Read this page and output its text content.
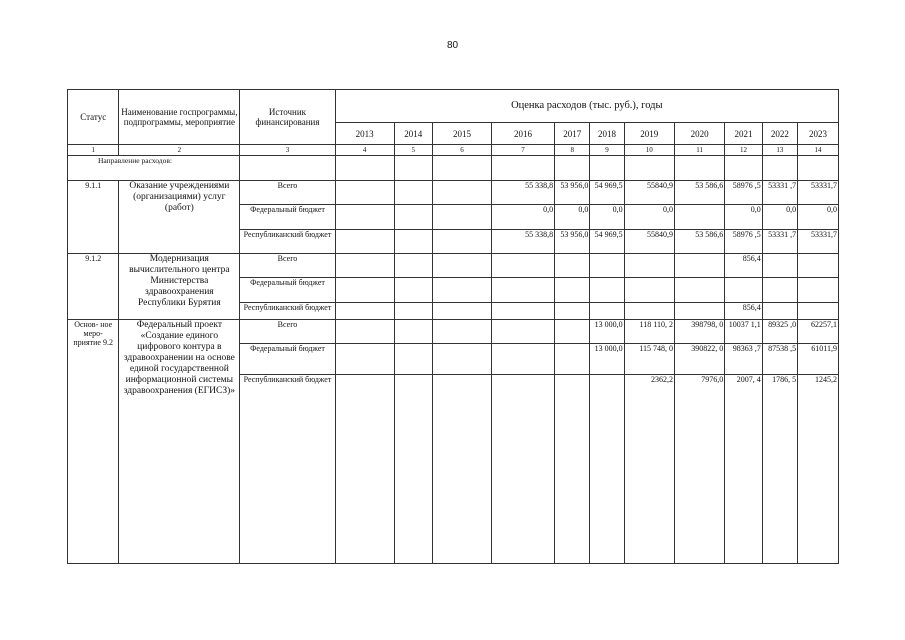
80
Статус	Наименование госпрограммы, подпрограммы, мероприятие	Источник финансирования	Оценка расходов (тыс. руб.), годы										
			2013	2014	2015	2016	2017	2018	2019	2020	2021	2022	2023
1	2	3	4	5	6	7	8	9	10	11	12	13	14
Направление расходов:													
9.1.1	Оказание учреждениями (организациями) услуг (работ)	Всего				55 338,8	53 956,0	54 969,5	55840,9	53 586,6	58976 ,5	53331 ,7	53331,7
		Федеральный бюджет				0,0	0,0	0,0	0,0		0,0	0,0	0,0
		Республиканский бюджет				55 338,8	53 956,0	54 969,5	55840,9	53 586,6	58976 ,5	53331 ,7	53331,7
9.1.2	Модернизация вычислительного центра Министерства здравоохранения Республики Бурятия	Всего									856,4		
		Федеральный бюджет											
		Республиканский бюджет									856,4		
Основ- ное меро- приятие 9.2	Федеральный проект «Создание единого цифрового контура в здравоохранении на основе единой государственной информационной системы здравоохранения (ЕГИСЗ)»	Всего						13 000,0	118 110, 2	398798, 0	10037 1,1	89325 ,0	62257,1
		Федеральный бюджет						13 000,0	115 748, 0	390822, 0	98363 ,7	87538 ,5	61011,9
		Республиканский бюджет							2362,2	7976,0	2007, 4	1786, 5	1245,2
